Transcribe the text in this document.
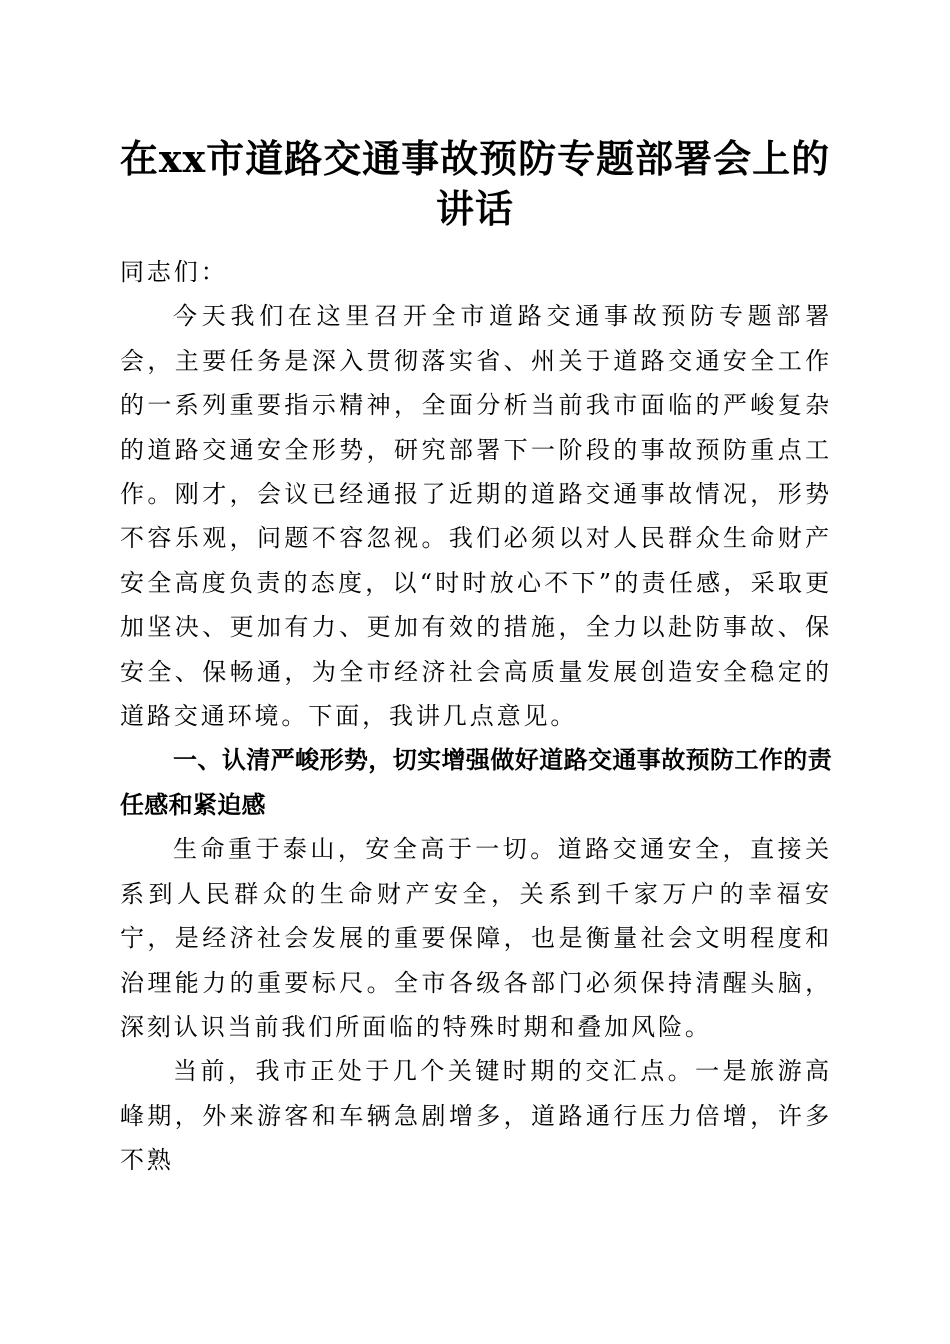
在xx市道路交通事故预防专题部署会上的讲话

同志们：

今天我们在这里召开全市道路交通事故预防专题部署会，主要任务是深入贯彻落实省、州关于道路交通安全工作的一系列重要指示精神，全面分析当前我市面临的严峻复杂的道路交通安全形势，研究部署下一阶段的事故预防重点工作。刚才，会议已经通报了近期的道路交通事故情况，形势不容乐观，问题不容忽视。我们必须以对人民群众生命财产安全高度负责的态度，以“时时放心不下”的责任感，采取更加坚决、更加有力、更加有效的措施，全力以赴防事故、保安全、保畅通，为全市经济社会高质量发展创造安全稳定的道路交通环境。下面，我讲几点意见。

一、认清严峻形势，切实增强做好道路交通事故预防工作的责任感和紧迫感

生命重于泰山，安全高于一切。道路交通安全，直接关系到人民群众的生命财产安全，关系到千家万户的幸福安宁，是经济社会发展的重要保障，也是衡量社会文明程度和治理能力的重要标尺。全市各级各部门必须保持清醒头脑，深刻认识当前我们所面临的特殊时期和叠加风险。

当前，我市正处于几个关键时期的交汇点。一是旅游高峰期，外来游客和车辆急剧增多，道路通行压力倍增，许多不熟
